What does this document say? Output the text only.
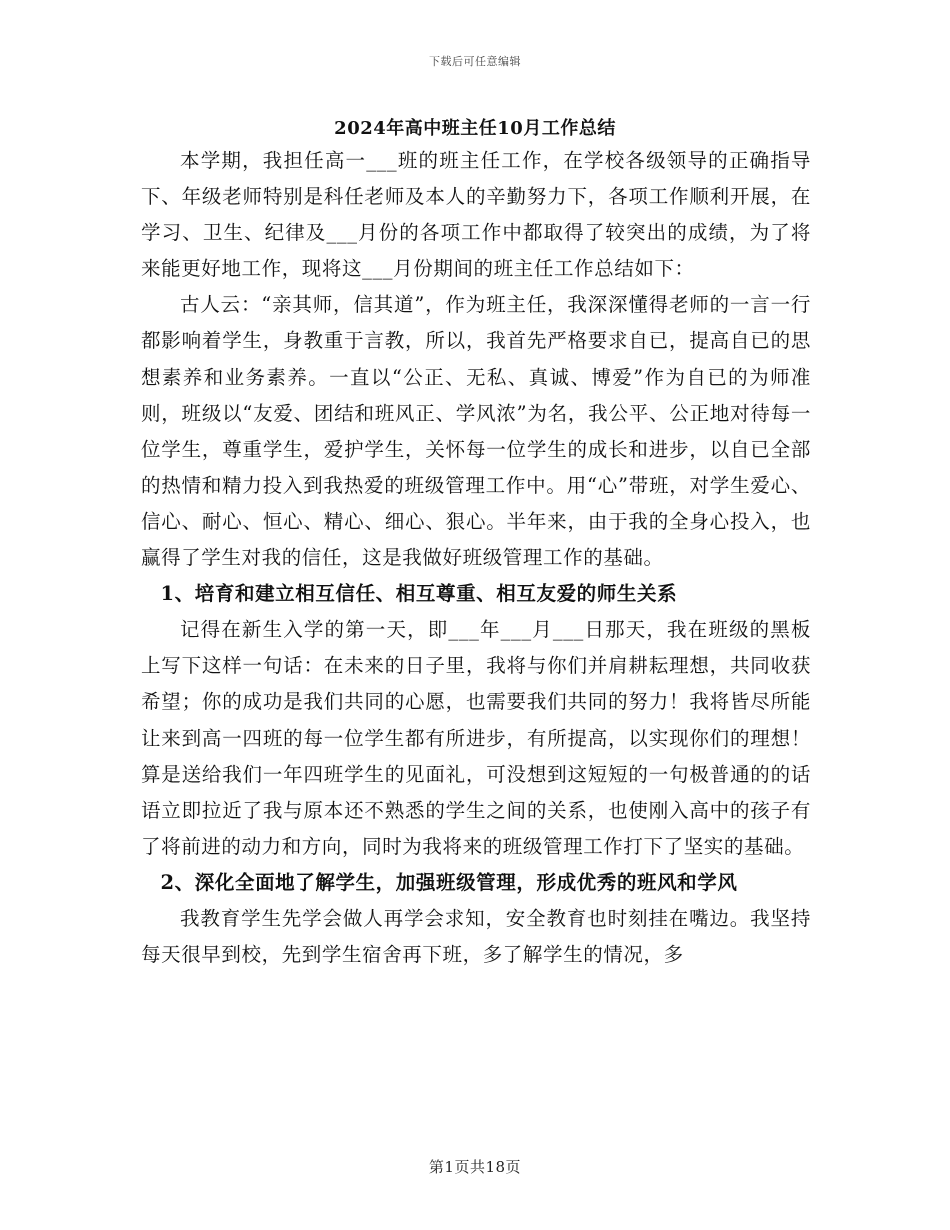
下载后可任意编辑
2024年高中班主任10月工作总结

本学期，我担任高一___班的班主任工作，在学校各级领导的正确指导下、年级老师特别是科任老师及本人的辛勤努力下，各项工作顺利开展，在学习、卫生、纪律及___月份的各项工作中都取得了较突出的成绩，为了将来能更好地工作，现将这___月份期间的班主任工作总结如下：

古人云：“亲其师，信其道”，作为班主任，我深深懂得老师的一言一行都影响着学生，身教重于言教，所以，我首先严格要求自已，提高自已的思想素养和业务素养。一直以“公正、无私、真诚、博爱”作为自已的为师准则，班级以“友爱、团结和班风正、学风浓”为名，我公平、公正地对待每一位学生，尊重学生，爱护学生，关怀每一位学生的成长和进步，以自已全部的热情和精力投入到我热爱的班级管理工作中。用“心”带班，对学生爱心、信心、耐心、恒心、精心、细心、狠心。半年来，由于我的全身心投入，也赢得了学生对我的信任，这是我做好班级管理工作的基础。

1、培育和建立相互信任、相互尊重、相互友爱的师生关系

记得在新生入学的第一天，即___年___月___日那天，我在班级的黑板上写下这样一句话：在未来的日子里，我将与你们并肩耕耘理想，共同收获希望；你的成功是我们共同的心愿，也需要我们共同的努力！我将皆尽所能让来到高一四班的每一位学生都有所进步，有所提高，以实现你们的理想！算是送给我们一年四班学生的见面礼，可没想到这短短的一句极普通的的话语立即拉近了我与原本还不熟悉的学生之间的关系，也使刚入高中的孩子有了将前进的动力和方向，同时为我将来的班级管理工作打下了坚实的基础。

2、深化全面地了解学生，加强班级管理，形成优秀的班风和学风

我教育学生先学会做人再学会求知，安全教育也时刻挂在嘴边。我坚持每天很早到校，先到学生宿舍再下班，多了解学生的情况，多

第1页共18页
